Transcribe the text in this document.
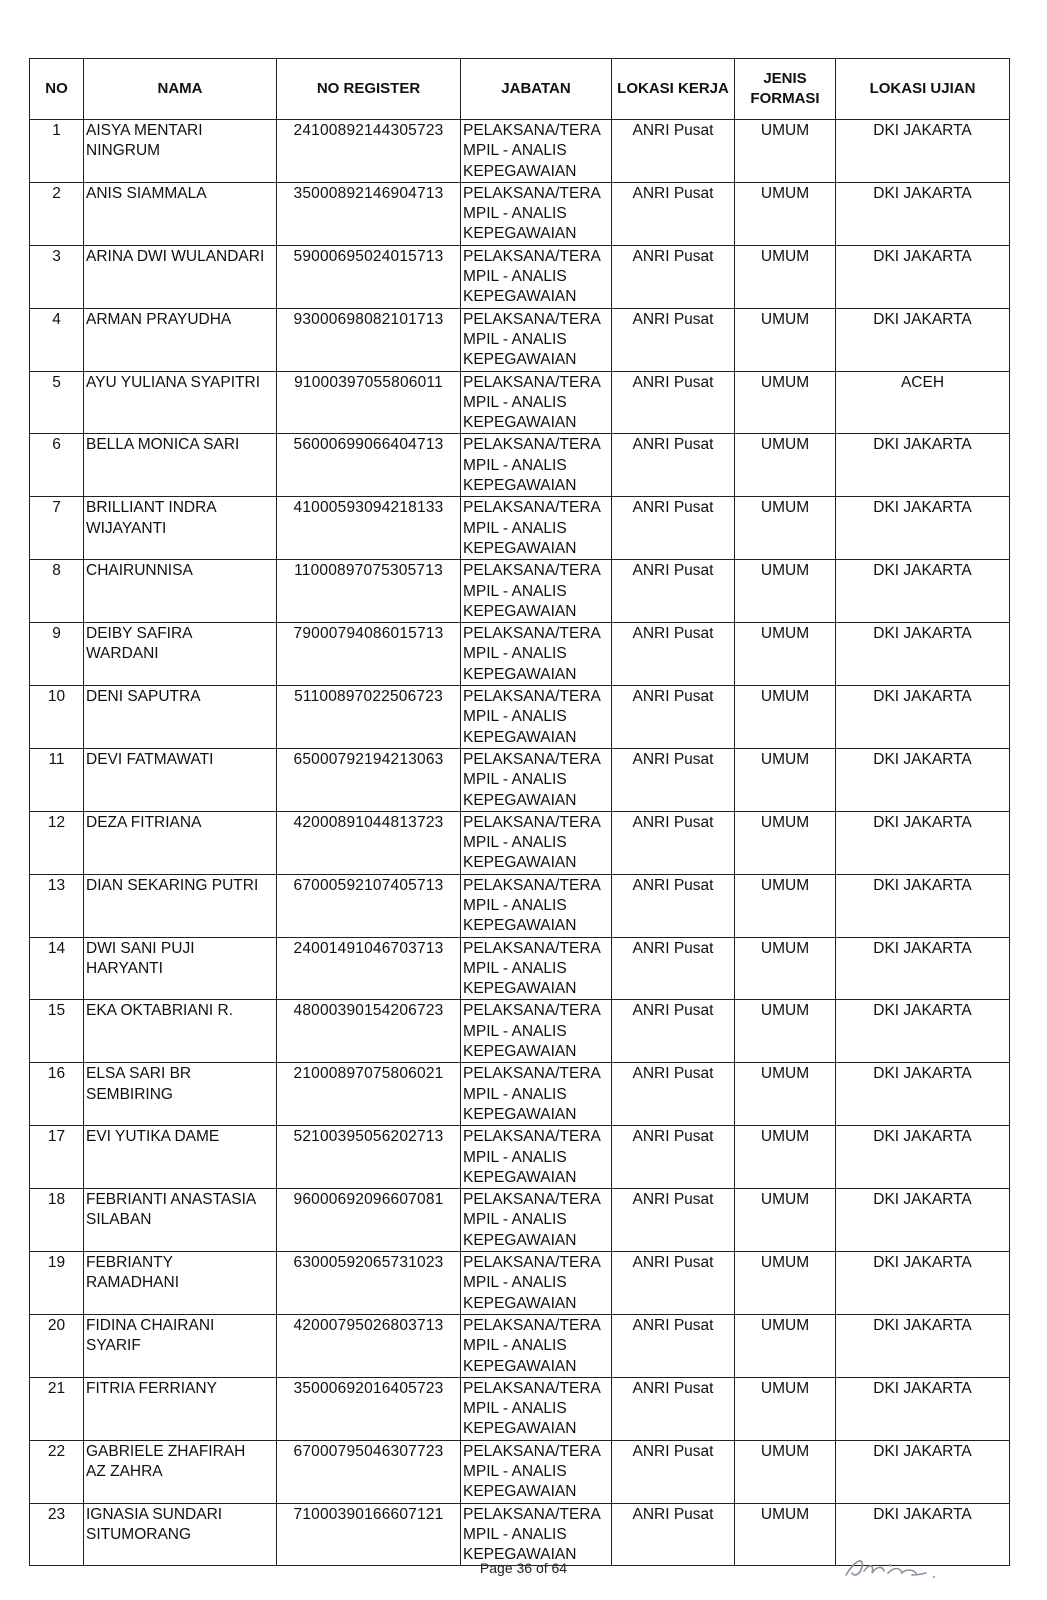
NO	NAMA	NO REGISTER	JABATAN	LOKASI KERJA	JENIS
FORMASI	LOKASI UJIAN
1	AISYA MENTARI
NINGRUM	24100892144305723	PELAKSANA/TERA
MPIL - ANALIS
KEPEGAWAIAN	ANRI Pusat	UMUM	DKI JAKARTA
2	ANIS SIAMMALA	35000892146904713	PELAKSANA/TERA
MPIL - ANALIS
KEPEGAWAIAN	ANRI Pusat	UMUM	DKI JAKARTA
3	ARINA DWI WULANDARI	59000695024015713	PELAKSANA/TERA
MPIL - ANALIS
KEPEGAWAIAN	ANRI Pusat	UMUM	DKI JAKARTA
4	ARMAN PRAYUDHA	93000698082101713	PELAKSANA/TERA
MPIL - ANALIS
KEPEGAWAIAN	ANRI Pusat	UMUM	DKI JAKARTA
5	AYU YULIANA SYAPITRI	91000397055806011	PELAKSANA/TERA
MPIL - ANALIS
KEPEGAWAIAN	ANRI Pusat	UMUM	ACEH
6	BELLA MONICA SARI	56000699066404713	PELAKSANA/TERA
MPIL - ANALIS
KEPEGAWAIAN	ANRI Pusat	UMUM	DKI JAKARTA
7	BRILLIANT INDRA
WIJAYANTI	41000593094218133	PELAKSANA/TERA
MPIL - ANALIS
KEPEGAWAIAN	ANRI Pusat	UMUM	DKI JAKARTA
8	CHAIRUNNISA	11000897075305713	PELAKSANA/TERA
MPIL - ANALIS
KEPEGAWAIAN	ANRI Pusat	UMUM	DKI JAKARTA
9	DEIBY SAFIRA
WARDANI	79000794086015713	PELAKSANA/TERA
MPIL - ANALIS
KEPEGAWAIAN	ANRI Pusat	UMUM	DKI JAKARTA
10	DENI SAPUTRA	51100897022506723	PELAKSANA/TERA
MPIL - ANALIS
KEPEGAWAIAN	ANRI Pusat	UMUM	DKI JAKARTA
11	DEVI FATMAWATI	65000792194213063	PELAKSANA/TERA
MPIL - ANALIS
KEPEGAWAIAN	ANRI Pusat	UMUM	DKI JAKARTA
12	DEZA FITRIANA	42000891044813723	PELAKSANA/TERA
MPIL - ANALIS
KEPEGAWAIAN	ANRI Pusat	UMUM	DKI JAKARTA
13	DIAN SEKARING PUTRI	67000592107405713	PELAKSANA/TERA
MPIL - ANALIS
KEPEGAWAIAN	ANRI Pusat	UMUM	DKI JAKARTA
14	DWI SANI PUJI
HARYANTI	24001491046703713	PELAKSANA/TERA
MPIL - ANALIS
KEPEGAWAIAN	ANRI Pusat	UMUM	DKI JAKARTA
15	EKA OKTABRIANI R.	48000390154206723	PELAKSANA/TERA
MPIL - ANALIS
KEPEGAWAIAN	ANRI Pusat	UMUM	DKI JAKARTA
16	ELSA SARI BR
SEMBIRING	21000897075806021	PELAKSANA/TERA
MPIL - ANALIS
KEPEGAWAIAN	ANRI Pusat	UMUM	DKI JAKARTA
17	EVI YUTIKA DAME	52100395056202713	PELAKSANA/TERA
MPIL - ANALIS
KEPEGAWAIAN	ANRI Pusat	UMUM	DKI JAKARTA
18	FEBRIANTI ANASTASIA
SILABAN	96000692096607081	PELAKSANA/TERA
MPIL - ANALIS
KEPEGAWAIAN	ANRI Pusat	UMUM	DKI JAKARTA
19	FEBRIANTY
RAMADHANI	63000592065731023	PELAKSANA/TERA
MPIL - ANALIS
KEPEGAWAIAN	ANRI Pusat	UMUM	DKI JAKARTA
20	FIDINA CHAIRANI
SYARIF	42000795026803713	PELAKSANA/TERA
MPIL - ANALIS
KEPEGAWAIAN	ANRI Pusat	UMUM	DKI JAKARTA
21	FITRIA FERRIANY	35000692016405723	PELAKSANA/TERA
MPIL - ANALIS
KEPEGAWAIAN	ANRI Pusat	UMUM	DKI JAKARTA
22	GABRIELE ZHAFIRAH
AZ ZAHRA	67000795046307723	PELAKSANA/TERA
MPIL - ANALIS
KEPEGAWAIAN	ANRI Pusat	UMUM	DKI JAKARTA
23	IGNASIA SUNDARI
SITUMORANG	71000390166607121	PELAKSANA/TERA
MPIL - ANALIS
KEPEGAWAIAN	ANRI Pusat	UMUM	DKI JAKARTA
Page 36 of 64
